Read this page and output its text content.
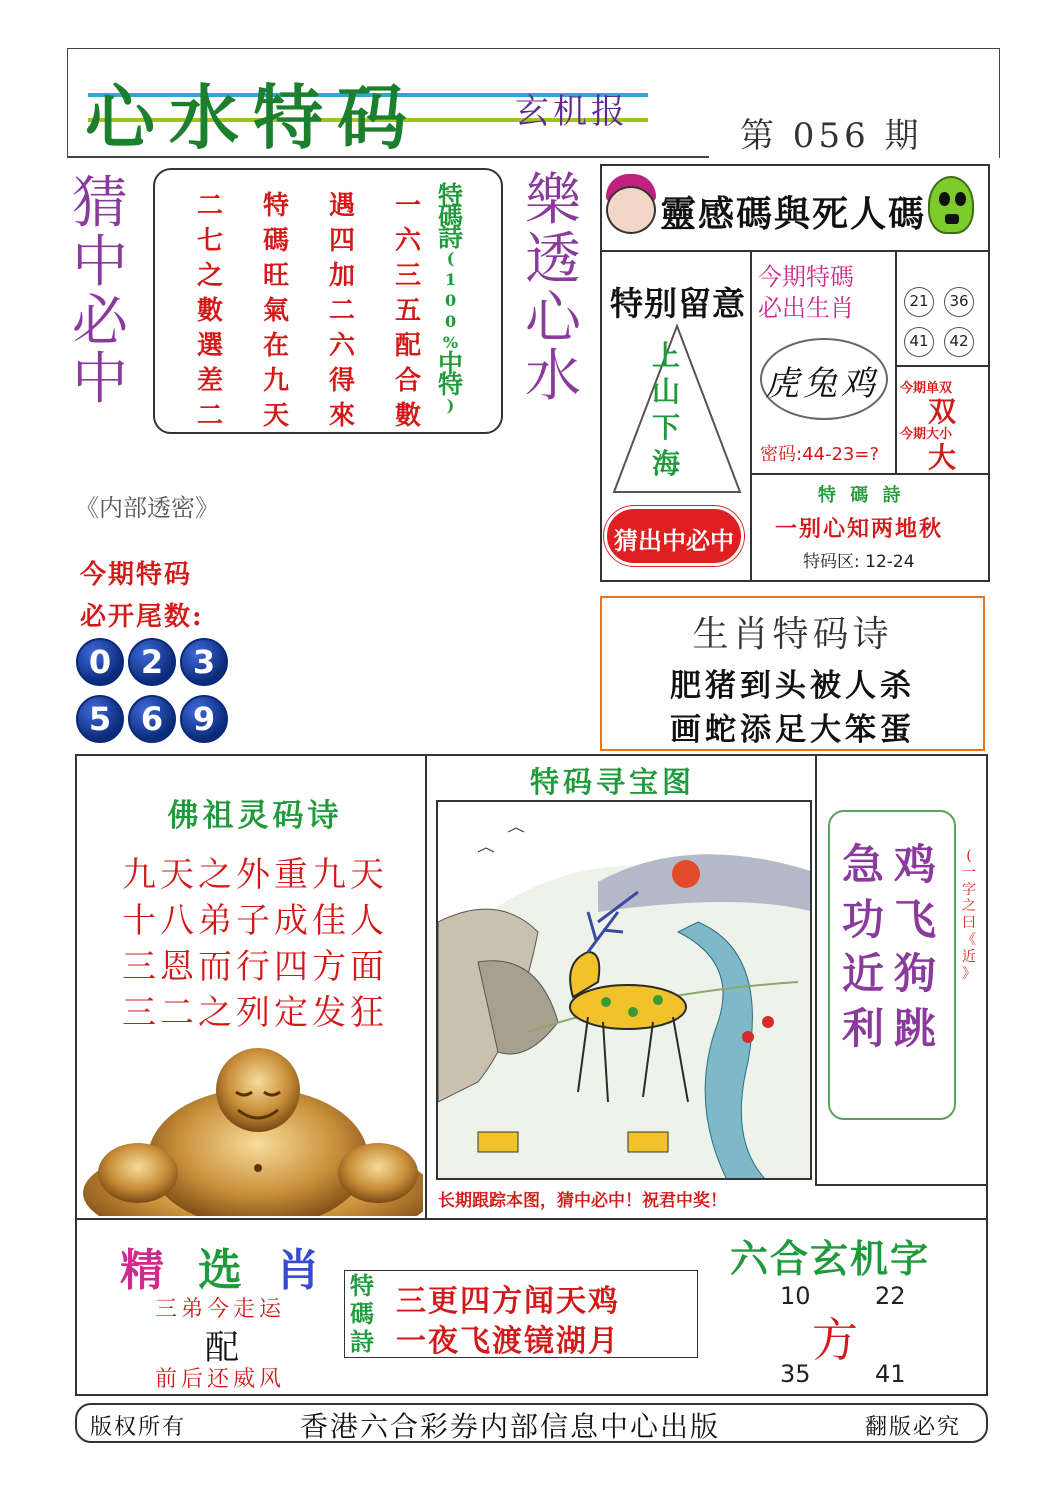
心水特码	玄机报
第 056 期
猜
中
必
中
二
七
之
數
選
差
二
特
碼
旺
氣
在
九
天
遇
四
加
二
六
得
來
一
六
三
五
配
合
數
特
碼
詩
(
1
0
0
%
中
特
)
樂
透
心
水
靈感碼與死人碼
特别留意
上
山
下
海
猜出中必中
今期特碼
必出生肖
虎兔鸡
密码:44-23=?
21	36
41	42
今期单双
双
今期大小
大
特 碼 詩
一别心知两地秋
特码区: 12-24
《内部透密》
今期特码
必开尾数:
0 2 3
5 6 9
生肖特码诗
肥猪到头被人杀
画蛇添足大笨蛋
佛祖灵码诗
九天之外重九天
十八弟子成佳人
三恩而行四方面
三二之列定发狂
特码寻宝图
长期跟踪本图，猜中必中！祝君中奖！
急
功
近
利
鸡
飞
狗
跳
(
一
字
之
曰
《
近
》
精选肖
三弟今走运
配
前后还威风
特
碼
詩
三更四方闻天鸡
一夜飞渡镜湖月
六合玄机字
10	22
方
35	41
版权所有	香港六合彩券内部信息中心出版	翻版必究
